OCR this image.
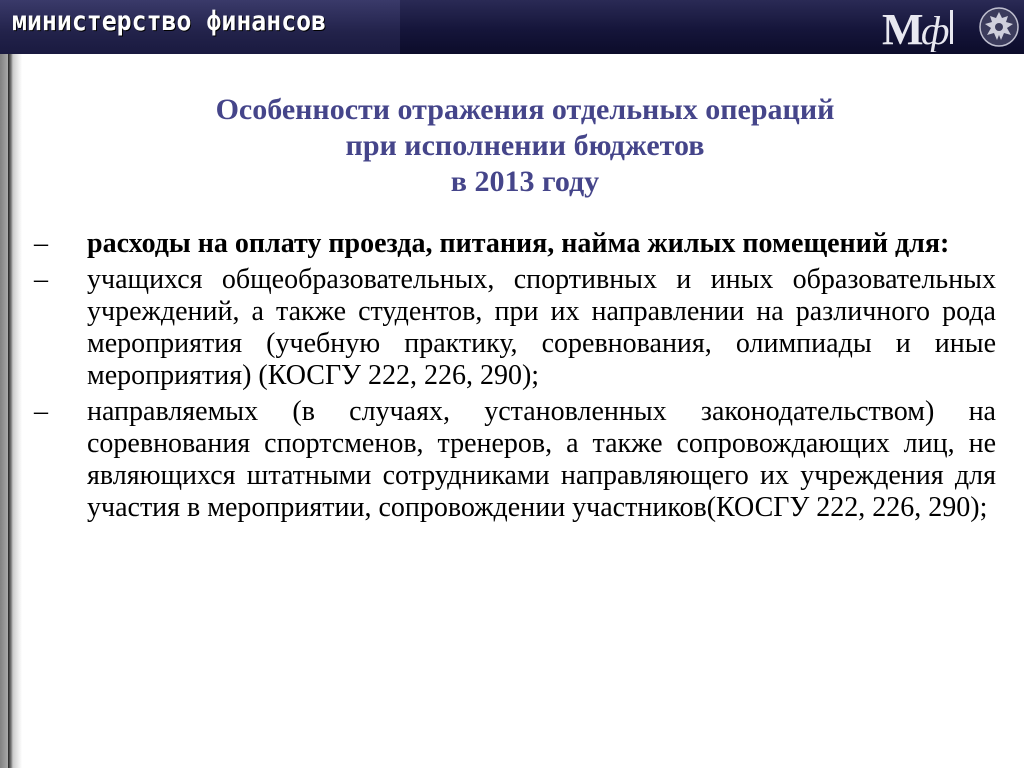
министерство финансов	М
ф
Особенности отражения отдельных операций
при исполнении бюджетов
в 2013 году
– расходы на оплату проезда, питания, найма жилых помещений для:
– учащихся общеобразовательных, спортивных и иных образовательных учреждений, а также студентов, при их направлении на различного рода мероприятия (учебную практику, соревнования, олимпиады и иные мероприятия) (КОСГУ 222, 226, 290);
– направляемых (в случаях, установленных законодательством) на соревнования спортсменов, тренеров, а также сопровождающих лиц, не являющихся штатными сотрудниками направляющего их учреждения для участия в мероприятии, сопровождении участников(КОСГУ 222, 226, 290);
